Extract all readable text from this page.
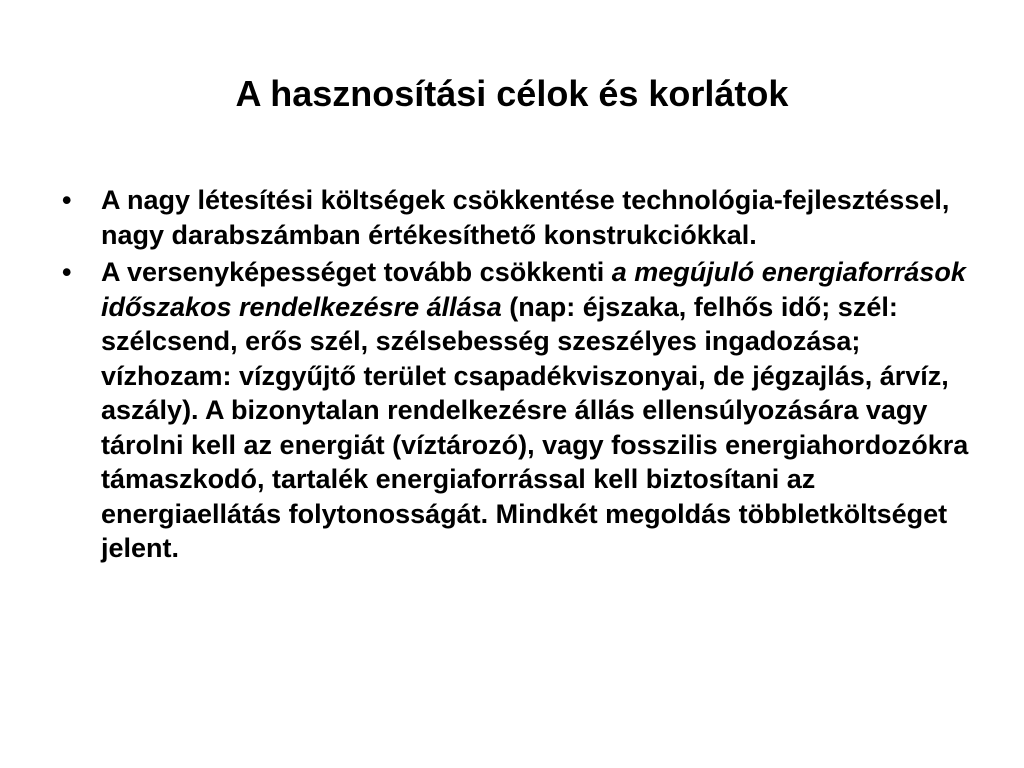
A hasznosítási célok és korlátok
• A nagy létesítési költségek csökkentése technológia-fejlesztéssel, nagy darabszámban értékesíthető konstrukciókkal.
• A versenyképességet tovább csökkenti a megújuló energiaforrások időszakos rendelkezésre állása (nap: éjszaka, felhős idő; szél: szélcsend, erős szél, szélsebesség szeszélyes ingadozása; vízhozam: vízgyűjtő terület csapadékviszonyai, de jégzajlás, árvíz, aszály). A bizonytalan rendelkezésre állás ellensúlyozására vagy tárolni kell az energiát (víztározó), vagy fosszilis energiahordozókra támaszkodó, tartalék energiaforrással kell biztosítani az energiaellátás folytonosságát. Mindkét megoldás többletköltséget jelent.
